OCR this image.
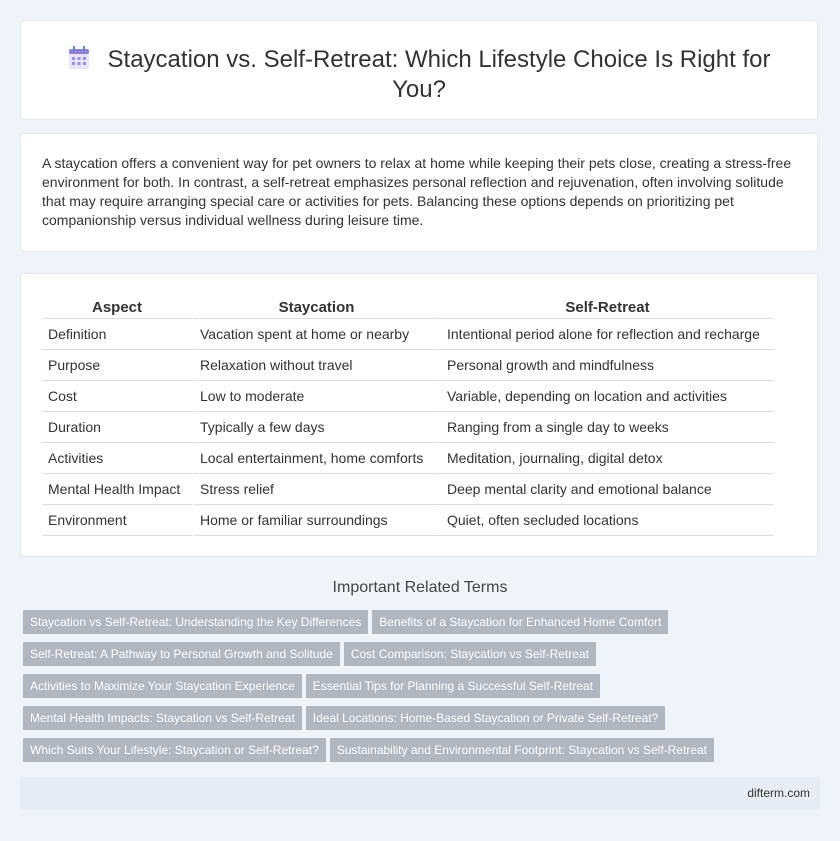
Staycation vs. Self-Retreat: Which Lifestyle Choice Is Right for You?

A staycation offers a convenient way for pet owners to relax at home while keeping their pets close, creating a stress-free environment for both. In contrast, a self-retreat emphasizes personal reflection and rejuvenation, often involving solitude that may require arranging special care or activities for pets. Balancing these options depends on prioritizing pet companionship versus individual wellness during leisure time.

Aspect	Staycation	Self-Retreat
Definition	Vacation spent at home or nearby	Intentional period alone for reflection and recharge
Purpose	Relaxation without travel	Personal growth and mindfulness
Cost	Low to moderate	Variable, depending on location and activities
Duration	Typically a few days	Ranging from a single day to weeks
Activities	Local entertainment, home comforts	Meditation, journaling, digital detox
Mental Health Impact	Stress relief	Deep mental clarity and emotional balance
Environment	Home or familiar surroundings	Quiet, often secluded locations
Important Related Terms
Staycation vs Self-Retreat: Understanding the Key Differences Benefits of a Staycation for Enhanced Home Comfort
Self-Retreat: A Pathway to Personal Growth and Solitude Cost Comparison: Staycation vs Self-Retreat
Activities to Maximize Your Staycation Experience Essential Tips for Planning a Successful Self-Retreat
Mental Health Impacts: Staycation vs Self-Retreat Ideal Locations: Home-Based Staycation or Private Self-Retreat?
Which Suits Your Lifestyle: Staycation or Self-Retreat? Sustainability and Environmental Footprint: Staycation vs Self-Retreat
difterm.com
